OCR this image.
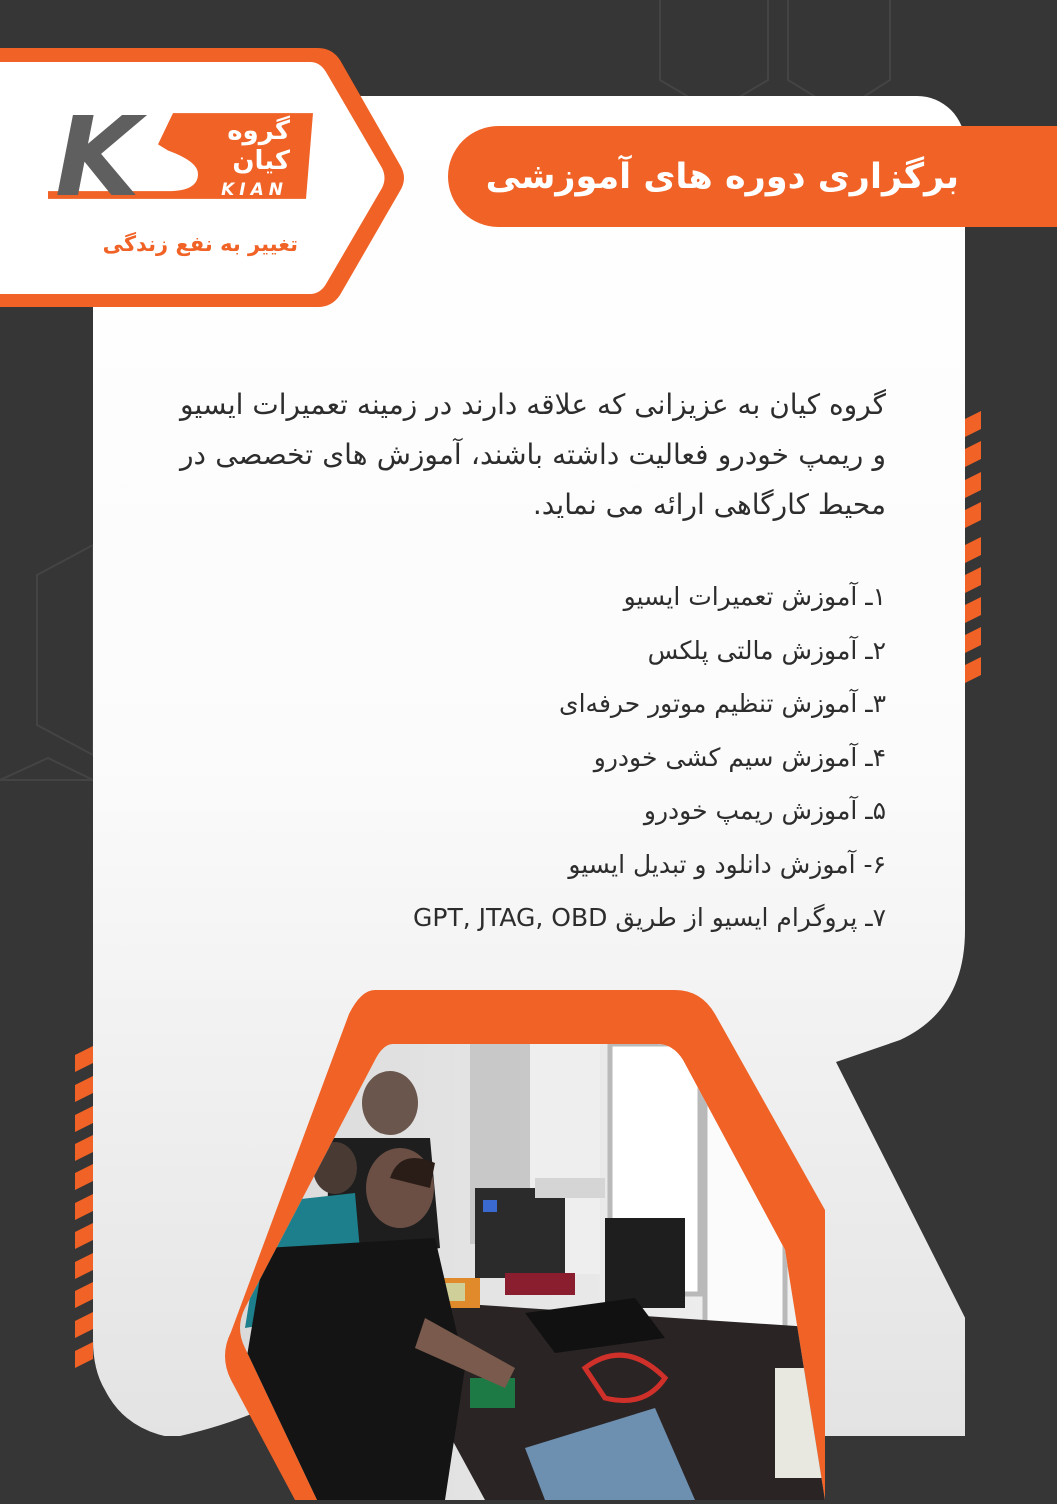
K	گروه
کیان
KIAN
GROUP
تغییر به نفع زندگی
برگزاری دوره های آموزشی

گروه کیان به عزیزانی که علاقه دارند در زمینه تعمیرات ایسیو و ریمپ خودرو فعالیت داشته باشند، آموزش های تخصصی در محیط کارگاهی ارائه می نماید.

۱ـ آموزش تعمیرات ایسیو
۲ـ آموزش مالتی پلکس
۳ـ آموزش تنظیم موتور حرفه‌ای
۴ـ آموزش سیم کشی خودرو
۵ـ آموزش ریمپ خودرو
۶- آموزش دانلود و تبدیل ایسیو
۷ـ پروگرام ایسیو از طریق GPT, JTAG, OBD
